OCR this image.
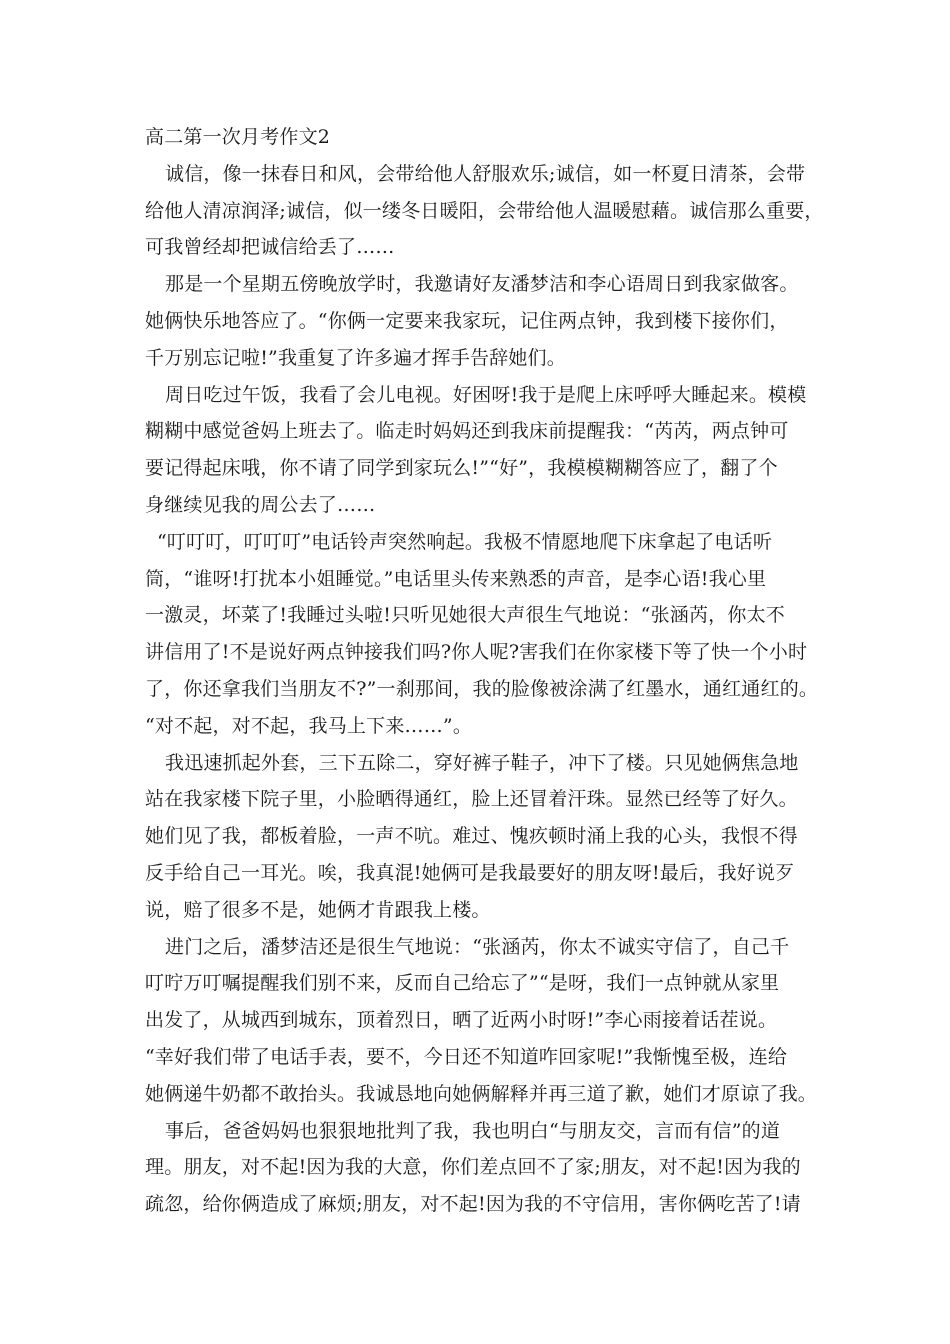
高二第一次月考作文2
诚信，像一抹春日和风，会带给他人舒服欢乐;诚信，如一杯夏日清茶，会带
给他人清凉润泽;诚信，似一缕冬日暖阳，会带给他人温暖慰藉。诚信那么重要，
可我曾经却把诚信给丢了……
那是一个星期五傍晚放学时，我邀请好友潘梦洁和李心语周日到我家做客。
她俩快乐地答应了。“你俩一定要来我家玩，记住两点钟，我到楼下接你们，
千万别忘记啦!”我重复了许多遍才挥手告辞她们。
周日吃过午饭，我看了会儿电视。好困呀!我于是爬上床呼呼大睡起来。模模
糊糊中感觉爸妈上班去了。临走时妈妈还到我床前提醒我：“芮芮，两点钟可
要记得起床哦，你不请了同学到家玩么!”“好”，我模模糊糊答应了，翻了个
身继续见我的周公去了……
“叮叮叮，叮叮叮”电话铃声突然响起。我极不情愿地爬下床拿起了电话听
筒，“谁呀!打扰本小姐睡觉。”电话里头传来熟悉的声音，是李心语!我心里
一激灵，坏菜了!我睡过头啦!只听见她很大声很生气地说：“张涵芮，你太不
讲信用了!不是说好两点钟接我们吗?你人呢?害我们在你家楼下等了快一个小时
了，你还拿我们当朋友不?”一刹那间，我的脸像被涂满了红墨水，通红通红的。
“对不起，对不起，我马上下来……”。
我迅速抓起外套，三下五除二，穿好裤子鞋子，冲下了楼。只见她俩焦急地
站在我家楼下院子里，小脸晒得通红，脸上还冒着汗珠。显然已经等了好久。
她们见了我，都板着脸，一声不吭。难过、愧疚顿时涌上我的心头，我恨不得
反手给自己一耳光。唉，我真混!她俩可是我最要好的朋友呀!最后，我好说歹
说，赔了很多不是，她俩才肯跟我上楼。
进门之后，潘梦洁还是很生气地说：“张涵芮，你太不诚实守信了，自己千
叮咛万叮嘱提醒我们别不来，反而自己给忘了”“是呀，我们一点钟就从家里
出发了，从城西到城东，顶着烈日，晒了近两小时呀!”李心雨接着话茬说。
“幸好我们带了电话手表，要不，今日还不知道咋回家呢!”我惭愧至极，连给
她俩递牛奶都不敢抬头。我诚恳地向她俩解释并再三道了歉，她们才原谅了我。
事后，爸爸妈妈也狠狠地批判了我，我也明白“与朋友交，言而有信”的道
理。朋友，对不起!因为我的大意，你们差点回不了家;朋友，对不起!因为我的
疏忽，给你俩造成了麻烦;朋友，对不起!因为我的不守信用，害你俩吃苦了!请
